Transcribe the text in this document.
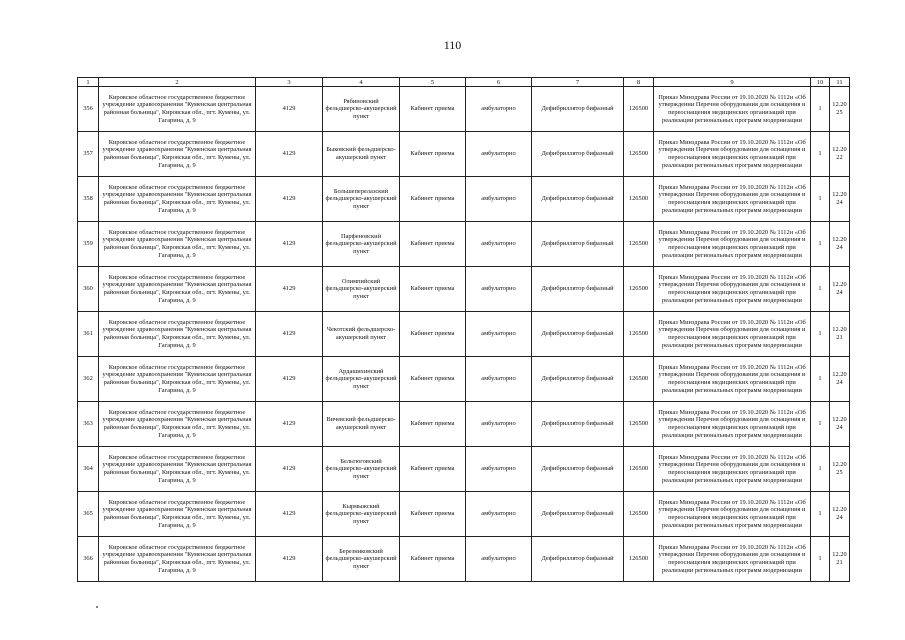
110
1	2	3	4	5	6	7	8	9	10	11
356	Кировское областное государственное бюджетное учреждение здравоохранения "Куменская центральная районная больница", Кировская обл., пгт. Кумены, ул. Гагарина, д. 9	4129	Рябиновский фельдшерско-акушерский пункт	Кабинет приема	амбулаторно	Дефибриллятор бифазный	126500	Приказ Минздрава России от 19.10.2020 № 1112н «Об утверждении Перечня оборудования для оснащения и переоснащения медицинских организаций при реализации региональных программ модернизации	1	12.2025
357	Кировское областное государственное бюджетное учреждение здравоохранения "Куменская центральная районная больница", Кировская обл., пгт. Кумены, ул. Гагарина, д. 9	4129	Быковский фельдшерско-акушерский пункт	Кабинет приема	амбулаторно	Дефибриллятор бифазный	126500	Приказ Минздрава России от 19.10.2020 № 1112н «Об утверждении Перечня оборудования для оснащения и переоснащения медицинских организаций при реализации региональных программ модернизации	1	12.2022
358	Кировское областное государственное бюджетное учреждение здравоохранения "Куменская центральная районная больница", Кировская обл., пгт. Кумены, ул. Гагарина, д. 9	4129	Большеперелазский фельдшерско-акушерский пункт	Кабинет приема	амбулаторно	Дефибриллятор бифазный	126500	Приказ Минздрава России от 19.10.2020 № 1112н «Об утверждении Перечня оборудования для оснащения и переоснащения медицинских организаций при реализации региональных программ модернизации	1	12.2024
359	Кировское областное государственное бюджетное учреждение здравоохранения "Куменская центральная районная больница", Кировская обл., пгт. Кумены, ул. Гагарина, д. 9	4129	Парфеновский фельдшерско-акушерский пункт	Кабинет приема	амбулаторно	Дефибриллятор бифазный	126500	Приказ Минздрава России от 19.10.2020 № 1112н «Об утверждении Перечня оборудования для оснащения и переоснащения медицинских организаций при реализации региональных программ модернизации	1	12.2024
360	Кировское областное государственное бюджетное учреждение здравоохранения "Куменская центральная районная больница", Кировская обл., пгт. Кумены, ул. Гагарина, д. 9	4129	Олимпийский фельдшерско-акушерский пункт	Кабинет приема	амбулаторно	Дефибриллятор бифазный	126500	Приказ Минздрава России от 19.10.2020 № 1112н «Об утверждении Перечня оборудования для оснащения и переоснащения медицинских организаций при реализации региональных программ модернизации	1	12.2024
361	Кировское областное государственное бюджетное учреждение здравоохранения "Куменская центральная районная больница", Кировская обл., пгт. Кумены, ул. Гагарина, д. 9	4129	Чекотский фельдшерско-акушерский пункт	Кабинет приема	амбулаторно	Дефибриллятор бифазный	126500	Приказ Минздрава России от 19.10.2020 № 1112н «Об утверждении Перечня оборудования для оснащения и переоснащения медицинских организаций при реализации региональных программ модернизации	1	12.2021
362	Кировское областное государственное бюджетное учреждение здравоохранения "Куменская центральная районная больница", Кировская обл., пгт. Кумены, ул. Гагарина, д. 9	4129	Ардашихинский фельдшерско-акушерский пункт	Кабинет приема	амбулаторно	Дефибриллятор бифазный	126500	Приказ Минздрава России от 19.10.2020 № 1112н «Об утверждении Перечня оборудования для оснащения и переоснащения медицинских организаций при реализации региональных программ модернизации	1	12.2024
363	Кировское областное государственное бюджетное учреждение здравоохранения "Куменская центральная районная больница", Кировская обл., пгт. Кумены, ул. Гагарина, д. 9	4129	Вичевский фельдшерско-акушерский пункт	Кабинет приема	амбулаторно	Дефибриллятор бифазный	126500	Приказ Минздрава России от 19.10.2020 № 1112н «Об утверждении Перечня оборудования для оснащения и переоснащения медицинских организаций при реализации региональных программ модернизации	1	12.2024
364	Кировское областное государственное бюджетное учреждение здравоохранения "Куменская центральная районная больница", Кировская обл., пгт. Кумены, ул. Гагарина, д. 9	4129	Бельтюговский фельдшерско-акушерский пункт	Кабинет приема	амбулаторно	Дефибриллятор бифазный	126500	Приказ Минздрава России от 19.10.2020 № 1112н «Об утверждении Перечня оборудования для оснащения и переоснащения медицинских организаций при реализации региональных программ модернизации	1	12.2025
365	Кировское областное государственное бюджетное учреждение здравоохранения "Куменская центральная районная больница", Кировская обл., пгт. Кумены, ул. Гагарина, д. 9	4129	Кырмыжский фельдшерско-акушерский пункт	Кабинет приема	амбулаторно	Дефибриллятор бифазный	126500	Приказ Минздрава России от 19.10.2020 № 1112н «Об утверждении Перечня оборудования для оснащения и переоснащения медицинских организаций при реализации региональных программ модернизации	1	12.2024
366	Кировское областное государственное бюджетное учреждение здравоохранения "Куменская центральная районная больница", Кировская обл., пгт. Кумены, ул. Гагарина, д. 9	4129	Березниковский фельдшерско-акушерский пункт	Кабинет приема	амбулаторно	Дефибриллятор бифазный	126500	Приказ Минздрава России от 19.10.2020 № 1112н «Об утверждении Перечня оборудования для оснащения и переоснащения медицинских организаций при реализации региональных программ модернизации	1	12.2021
